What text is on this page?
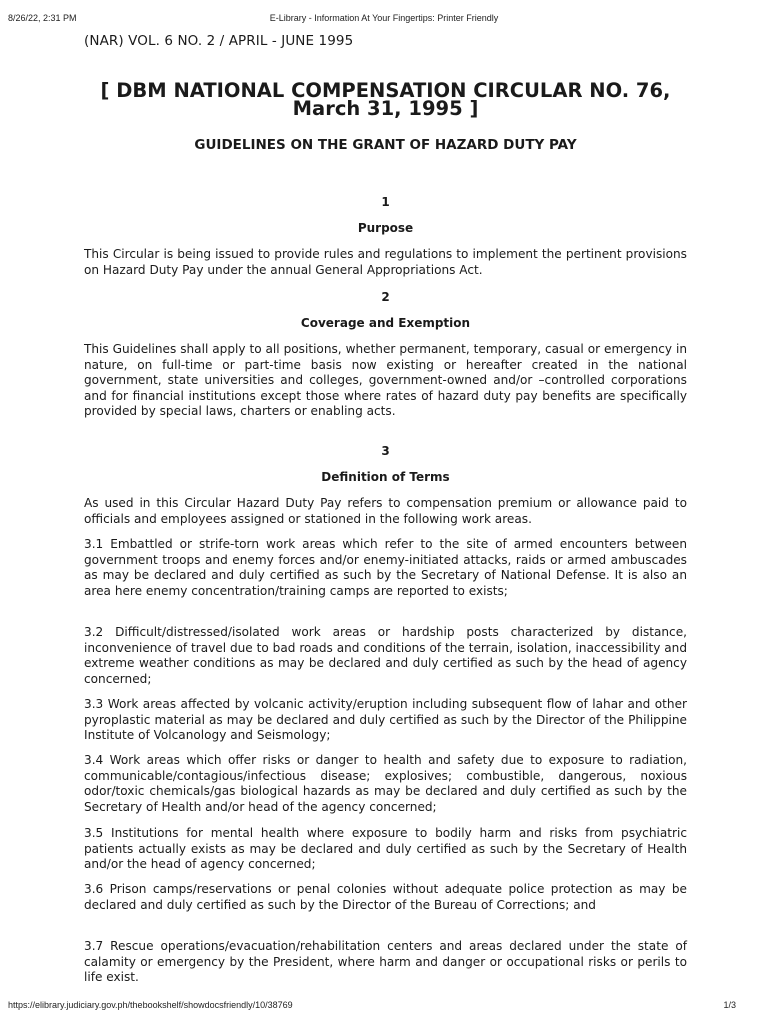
8/26/22, 2:31 PM	E-Library - Information At Your Fingertips: Printer Friendly
(NAR) VOL. 6 NO. 2 / APRIL - JUNE 1995
[ DBM NATIONAL COMPENSATION CIRCULAR NO. 76, March 31, 1995 ]
GUIDELINES ON THE GRANT OF HAZARD DUTY PAY
1
Purpose

This Circular is being issued to provide rules and regulations to implement the pertinent provisions on Hazard Duty Pay under the annual General Appropriations Act.

2
Coverage and Exemption

This Guidelines shall apply to all positions, whether permanent, temporary, casual or emergency in nature, on full-time or part-time basis now existing or hereafter created in the national government, state universities and colleges, government-owned and/or –controlled corporations and for financial institutions except those where rates of hazard duty pay benefits are specifically provided by special laws, charters or enabling acts.

3
Definition of Terms

As used in this Circular Hazard Duty Pay refers to compensation premium or allowance paid to officials and employees assigned or stationed in the following work areas.

3.1 Embattled or strife-torn work areas which refer to the site of armed encounters between government troops and enemy forces and/or enemy-initiated attacks, raids or armed ambuscades as may be declared and duly certified as such by the Secretary of National Defense. It is also an area here enemy concentration/training camps are reported to exists;

3.2 Difficult/distressed/isolated work areas or hardship posts characterized by distance, inconvenience of travel due to bad roads and conditions of the terrain, isolation, inaccessibility and extreme weather conditions as may be declared and duly certified as such by the head of agency concerned;

3.3 Work areas affected by volcanic activity/eruption including subsequent flow of lahar and other pyroplastic material as may be declared and duly certified as such by the Director of the Philippine Institute of Volcanology and Seismology;

3.4 Work areas which offer risks or danger to health and safety due to exposure to radiation, communicable/contagious/infectious disease; explosives; combustible, dangerous, noxious odor/toxic chemicals/gas biological hazards as may be declared and duly certified as such by the Secretary of Health and/or head of the agency concerned;

3.5 Institutions for mental health where exposure to bodily harm and risks from psychiatric patients actually exists as may be declared and duly certified as such by the Secretary of Health and/or the head of agency concerned;

3.6 Prison camps/reservations or penal colonies without adequate police protection as may be declared and duly certified as such by the Director of the Bureau of Corrections; and

3.7 Rescue operations/evacuation/rehabilitation centers and areas declared under the state of calamity or emergency by the President, where harm and danger or occupational risks or perils to life exist.

https://elibrary.judiciary.gov.ph/thebookshelf/showdocsfriendly/10/38769	1/3
